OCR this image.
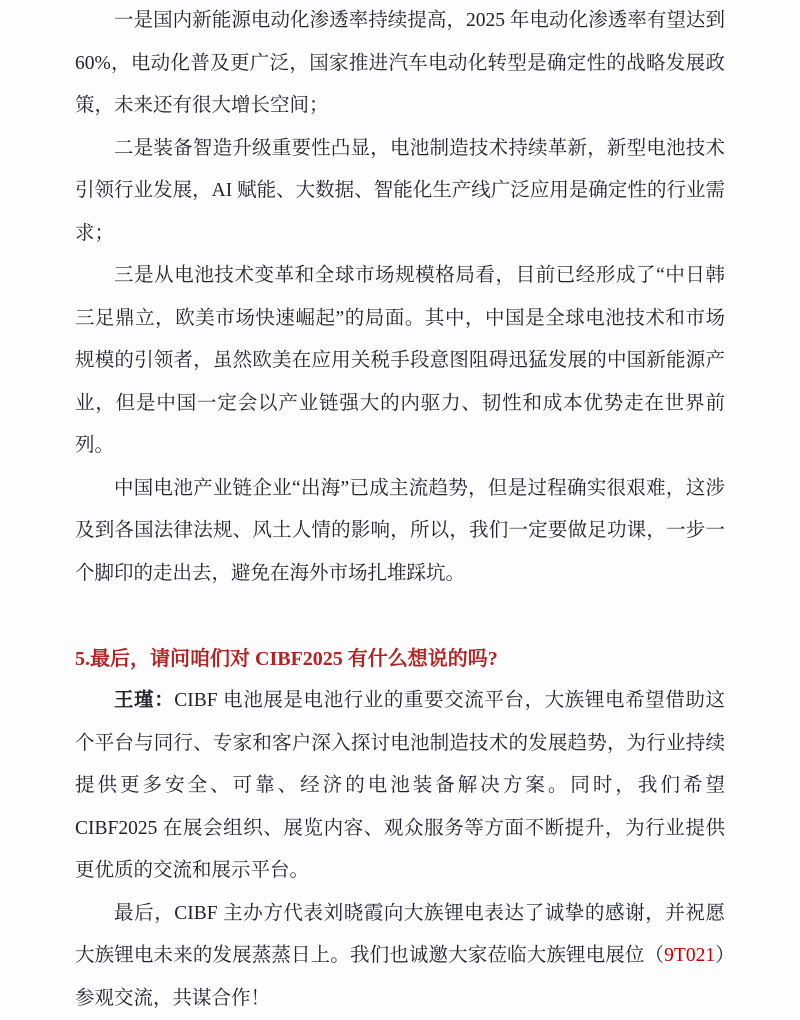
一是国内新能源电动化渗透率持续提高，2025 年电动化渗透率有望达到 60%，电动化普及更广泛，国家推进汽车电动化转型是确定性的战略发展政策，未来还有很大增长空间；

二是装备智造升级重要性凸显，电池制造技术持续革新，新型电池技术引领行业发展，AI 赋能、大数据、智能化生产线广泛应用是确定性的行业需求；

三是从电池技术变革和全球市场规模格局看，目前已经形成了“中日韩三足鼎立，欧美市场快速崛起”的局面。其中，中国是全球电池技术和市场规模的引领者，虽然欧美在应用关税手段意图阻碍迅猛发展的中国新能源产业，但是中国一定会以产业链强大的内驱力、韧性和成本优势走在世界前列。

中国电池产业链企业“出海”已成主流趋势，但是过程确实很艰难，这涉及到各国法律法规、风土人情的影响，所以，我们一定要做足功课，一步一个脚印的走出去，避免在海外市场扎堆踩坑。

5.最后，请问咱们对 CIBF2025 有什么想说的吗?

王瑾：CIBF 电池展是电池行业的重要交流平台，大族锂电希望借助这个平台与同行、专家和客户深入探讨电池制造技术的发展趋势，为行业持续提供更多安全、可靠、经济的电池装备解决方案。同时，我们希望 CIBF2025 在展会组织、展览内容、观众服务等方面不断提升，为行业提供更优质的交流和展示平台。

最后，CIBF 主办方代表刘晓霞向大族锂电表达了诚挚的感谢，并祝愿大族锂电未来的发展蒸蒸日上。我们也诚邀大家莅临大族锂电展位（9T021）参观交流，共谋合作！
